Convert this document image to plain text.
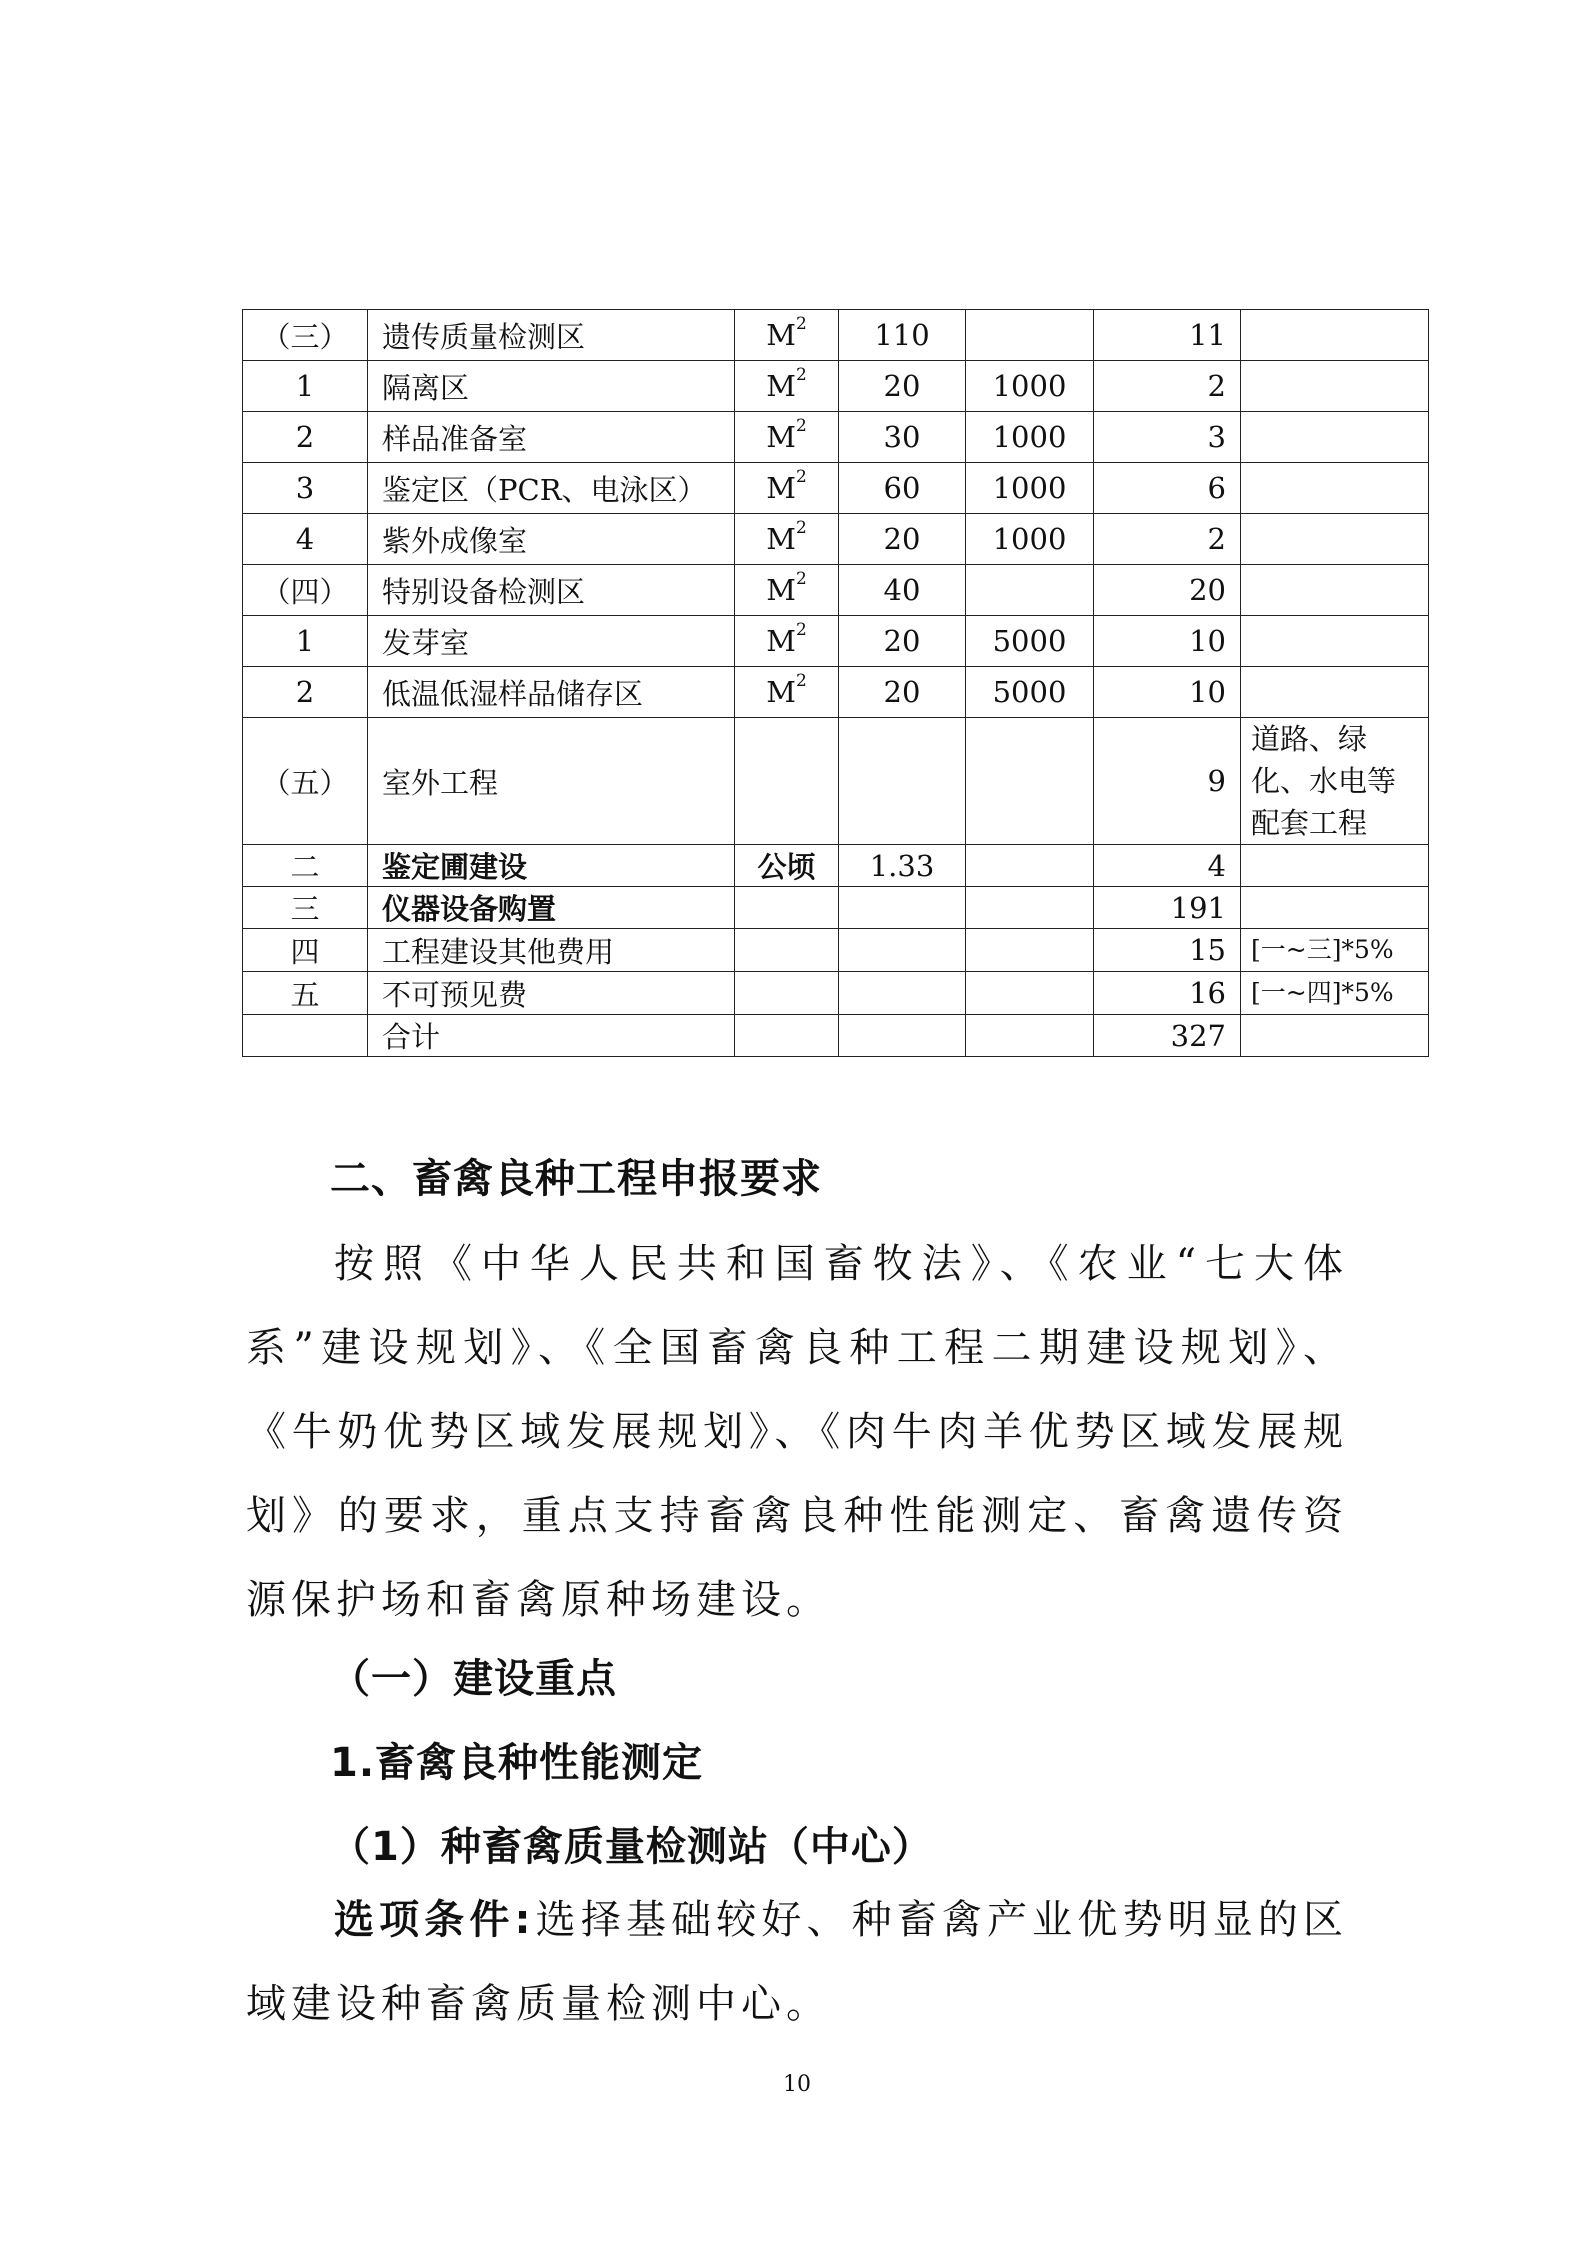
（三）	遗传质量检测区	$M^2$	110		11	
1	隔离区	$M^2$	20	1000	2	
2	样品准备室	$M^2$	30	1000	3	
3	鉴定区（PCR、电泳区）	$M^2$	60	1000	6	
4	紫外成像室	$M^2$	20	1000	2	
（四）	特别设备检测区	$M^2$	40		20	
1	发芽室	$M^2$	20	5000	10	
2	低温低湿样品储存区	$M^2$	20	5000	10	
（五）	室外工程				9	道路、绿化、水电等配套工程
二	鉴定圃建设	公顷	1.33		4	
三	仪器设备购置				191	
四	工程建设其他费用				15	[一~三]*5%
五	不可预见费				16	[一~四]*5%
	合计				327	
二、畜禽良种工程申报要求

按照《中华人民共和国畜牧法》、《农业“七大体系”建设规划》、《全国畜禽良种工程二期建设规划》、《牛奶优势区域发展规划》、《肉牛肉羊优势区域发展规划》的要求，重点支持畜禽良种性能测定、畜禽遗传资源保护场和畜禽原种场建设。

（一）建设重点
1.畜禽良种性能测定
（1）种畜禽质量检测站（中心）

选项条件:选择基础较好、种畜禽产业优势明显的区域建设种畜禽质量检测中心。

10
